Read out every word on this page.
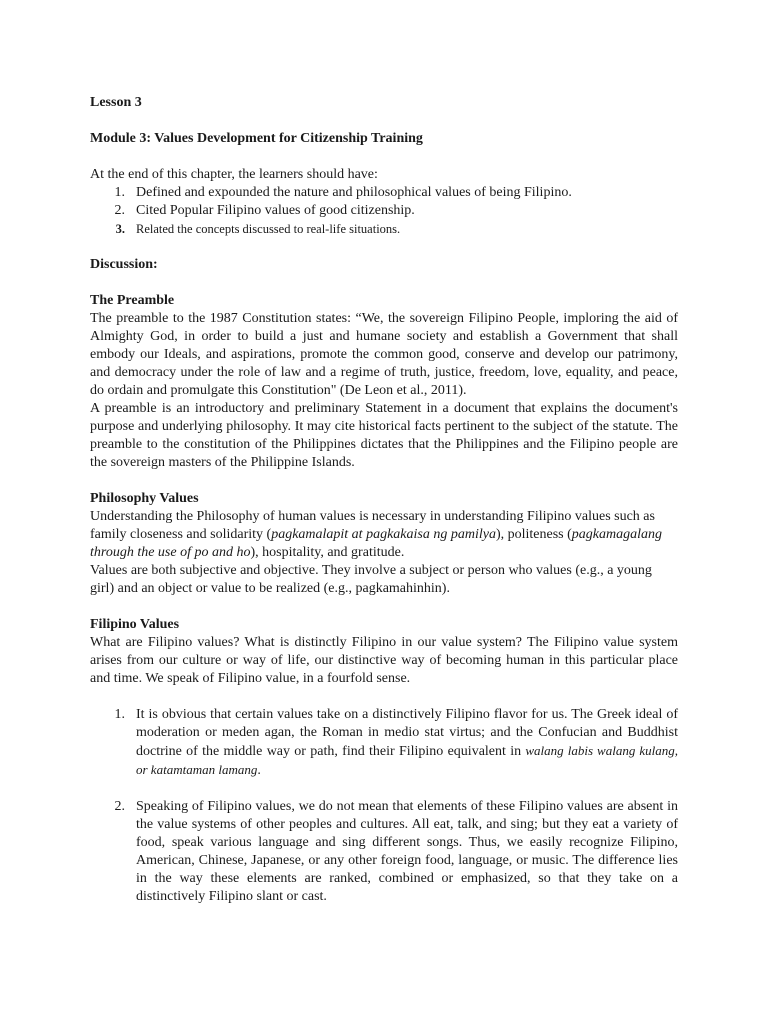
Lesson 3

Module 3: Values Development for Citizenship Training

At the end of this chapter, the learners should have:

1. Defined and expounded the nature and philosophical values of being Filipino.
2. Cited Popular Filipino values of good citizenship.
3. Related the concepts discussed to real-life situations.

Discussion:

The Preamble

The preamble to the 1987 Constitution states: “We, the sovereign Filipino People, imploring the aid of Almighty God, in order to build a just and humane society and establish a Government that shall embody our Ideals, and aspirations, promote the common good, conserve and develop our patrimony, and democracy under the role of law and a regime of truth, justice, freedom, love, equality, and peace, do ordain and promulgate this Constitution" (De Leon et al., 2011).

A preamble is an introductory and preliminary Statement in a document that explains the document's purpose and underlying philosophy. It may cite historical facts pertinent to the subject of the statute. The preamble to the constitution of the Philippines dictates that the Philippines and the Filipino people are the sovereign masters of the Philippine Islands.

Philosophy Values

Understanding the Philosophy of human values is necessary in understanding Filipino values such as family closeness and solidarity (pagkamalapit at pagkakaisa ng pamilya), politeness (pagkamagalang through the use of po and ho), hospitality, and gratitude.

Values are both subjective and objective. They involve a subject or person who values (e.g., a young girl) and an object or value to be realized (e.g., pagkamahinhin).

Filipino Values

What are Filipino values? What is distinctly Filipino in our value system? The Filipino value system arises from our culture or way of life, our distinctive way of becoming human in this particular place and time. We speak of Filipino value, in a fourfold sense.

1. It is obvious that certain values take on a distinctively Filipino flavor for us. The Greek ideal of moderation or meden agan, the Roman in medio stat virtus; and the Confucian and Buddhist doctrine of the middle way or path, find their Filipino equivalent in walang labis walang kulang, or katamtaman lamang.
2. Speaking of Filipino values, we do not mean that elements of these Filipino values are absent in the value systems of other peoples and cultures. All eat, talk, and sing; but they eat a variety of food, speak various language and sing different songs. Thus, we easily recognize Filipino, American, Chinese, Japanese, or any other foreign food, language, or music. The difference lies in the way these elements are ranked, combined or emphasized, so that they take on a distinctively Filipino slant or cast.
